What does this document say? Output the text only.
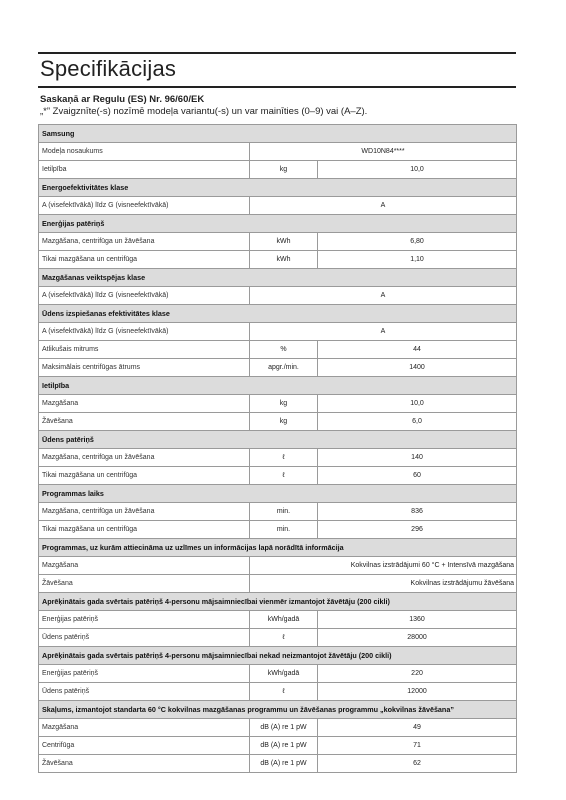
Specifikācijas
Saskaņā ar Regulu (ES) Nr. 96/60/EK
„*” Zvaigznīte(-s) nozīmē modeļa variantu(-s) un var mainīties (0–9) vai (A–Z).
Samsung		
Modeļa nosaukums	WD10N84****	
Ietilpība	kg	10,0
Energoefektivitātes klase		
A (visefektīvākā) līdz G (visneefektīvākā)	A	
Enerģijas patēriņš		
Mazgāšana, centrifūga un žāvēšana	kWh	6,80
Tikai mazgāšana un centrifūga	kWh	1,10
Mazgāšanas veiktspējas klase		
A (visefektīvākā) līdz G (visneefektīvākā)	A	
Ūdens izspiešanas efektivitātes klase		
A (visefektīvākā) līdz G (visneefektīvākā)	A	
Atlikušais mitrums	%	44
Maksimālais centrifūgas ātrums	apgr./min.	1400
Ietilpība		
Mazgāšana	kg	10,0
Žāvēšana	kg	6,0
Ūdens patēriņš		
Mazgāšana, centrifūga un žāvēšana	ℓ	140
Tikai mazgāšana un centrifūga	ℓ	60
Programmas laiks		
Mazgāšana, centrifūga un žāvēšana	min.	836
Tikai mazgāšana un centrifūga	min.	296
Programmas, uz kurām attiecināma uz uzlīmes un informācijas lapā norādītā informācija		
Mazgāšana	Kokvilnas izstrādājumi 60 °C + Intensīvā mazgāšana	
Žāvēšana	Kokvilnas izstrādājumu žāvēšana	
Aprēķinātais gada svērtais patēriņš 4-personu mājsaimniecībai vienmēr izmantojot žāvētāju (200 cikli)		
Enerģijas patēriņš	kWh/gadā	1360
Ūdens patēriņš	ℓ	28000
Aprēķinātais gada svērtais patēriņš 4-personu mājsaimniecībai nekad neizmantojot žāvētāju (200 cikli)		
Enerģijas patēriņš	kWh/gadā	220
Ūdens patēriņš	ℓ	12000
Skaļums, izmantojot standarta 60 °C kokvilnas mazgāšanas programmu un žāvēšanas programmu „kokvilnas žāvēšana”		
Mazgāšana	dB (A) re 1 pW	49
Centrifūga	dB (A) re 1 pW	71
Žāvēšana	dB (A) re 1 pW	62
